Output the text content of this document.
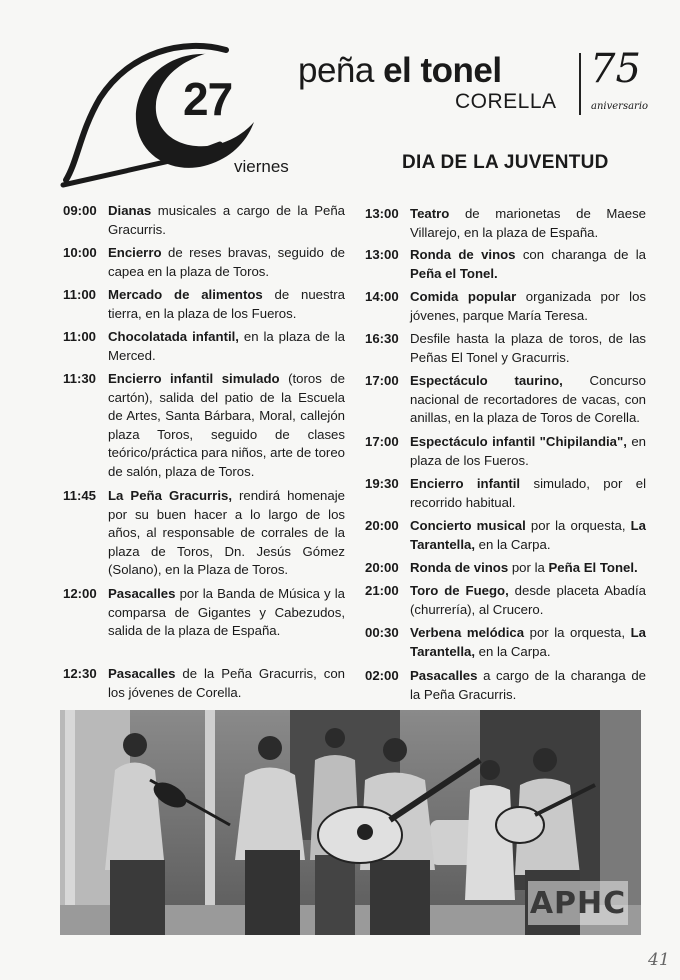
27
viernes
peña el tonel
CORELLA
75
aniversario
DIA DE LA JUVENTUD
09:00 Dianas musicales a cargo de la Peña Gracurris.
10:00 Encierro de reses bravas, seguido de capea en la plaza de Toros.
11:00 Mercado de alimentos de nuestra tierra, en la plaza de los Fueros.
11:00 Chocolatada infantil, en la plaza de la Merced.
11:30 Encierro infantil simulado (toros de cartón), salida del patio de la Escuela de Artes, Santa Bárbara, Moral, callejón plaza Toros, seguido de clases teórico/práctica para niños, arte de toreo de salón, plaza de Toros.
11:45 La Peña Gracurris, rendirá homenaje por su buen hacer a lo largo de los años, al responsable de corrales de la plaza de Toros, Dn. Jesús Gómez (Solano), en la Plaza de Toros.
12:00 Pasacalles por la Banda de Música y la comparsa de Gigantes y Cabezudos, salida de la plaza de España.
12:30 Pasacalles de la Peña Gracurris, con los jóvenes de Corella.
13:00 Teatro de marionetas de Maese Villarejo, en la plaza de España.
13:00 Ronda de vinos con charanga de la Peña el Tonel.
14:00 Comida popular organizada por los jóvenes, parque María Teresa.
16:30 Desfile hasta la plaza de toros, de las Peñas El Tonel y Gracurris.
17:00 Espectáculo taurino, Concurso nacional de recortadores de vacas, con anillas, en la plaza de Toros de Corella.
17:00 Espectáculo infantil "Chipilandia", en plaza de los Fueros.
19:30 Encierro infantil simulado, por el recorrido habitual.
20:00 Concierto musical por la orquesta, La Tarantella, en la Carpa.
20:00 Ronda de vinos por la Peña El Tonel.
21:00 Toro de Fuego, desde placeta Abadía (churrería), al Crucero.
00:30 Verbena melódica por la orquesta, La Tarantella, en la Carpa.
02:00 Pasacalles a cargo de la charanga de la Peña Gracurris.
APHC
41
